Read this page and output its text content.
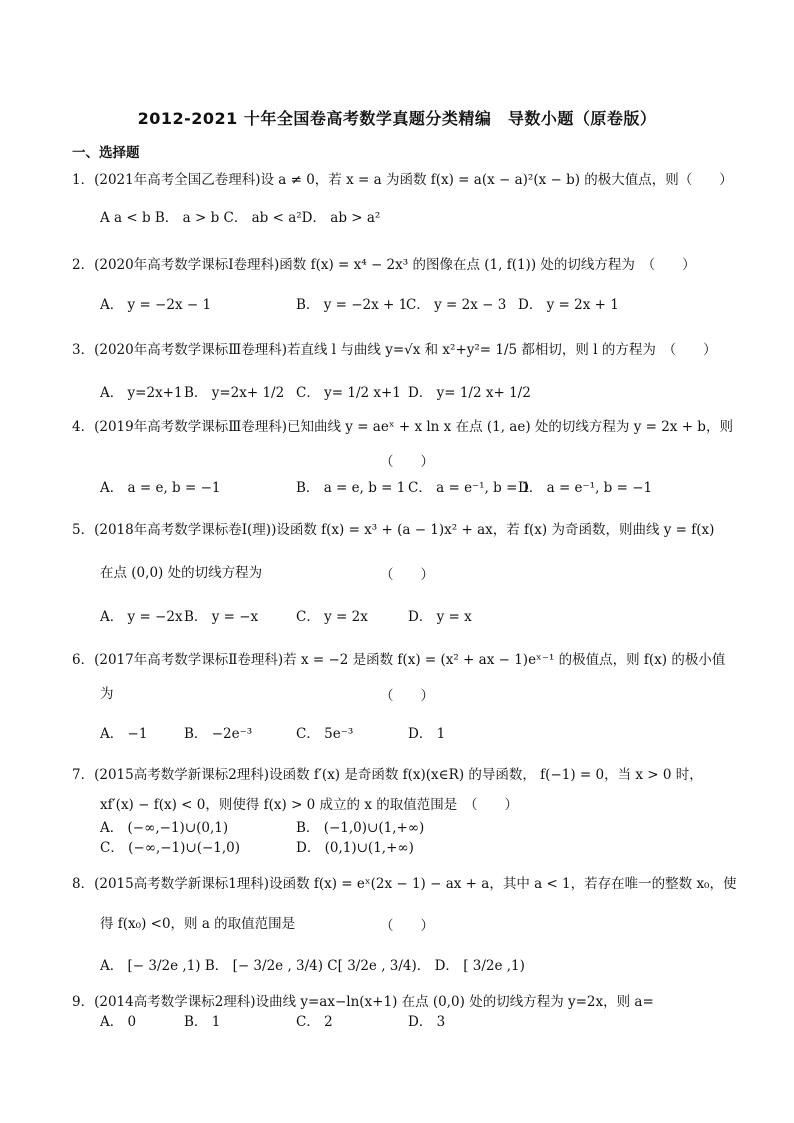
2012-2021 十年全国卷高考数学真题分类精编　导数小题（原卷版）
一、选择题
1．(2021年高考全国乙卷理科)设 a ≠ 0，若 x = a 为函数 f(x) = a(x − a)²(x − b) 的极大值点，则（　　）
A a < b B． a > b C． ab < a²D． ab > a²
2．(2020年高考数学课标Ⅰ卷理科)函数 f(x) = x⁴ − 2x³ 的图像在点 (1, f(1)) 处的切线方程为　（　　）
A． y = −2x − 1	B． y = −2x + 1
C． y = 2x − 3 D． y = 2x + 1
3．(2020年高考数学课标Ⅲ卷理科)若直线 l 与曲线 y=√x 和 x²+y²= 1/5 都相切，则 l 的方程为　（　　）
A． y=2x+1 B． y=2x+ 1/2 C． y= 1/2 x+1 D． y= 1/2 x+ 1/2
4．(2019年高考数学课标Ⅲ卷理科)已知曲线 y = aeˣ + x ln x 在点 (1, ae) 处的切线方程为 y = 2x + b，则
（　　）
A． a = e, b = −1	B． a = e, b = 1 C． a = e⁻¹, b = 1
D． a = e⁻¹, b = −1
5．(2018年高考数学课标卷Ⅰ(理))设函数 f(x) = x³ + (a − 1)x² + ax，若 f(x) 为奇函数，则曲线 y = f(x)
在点 (0,0) 处的切线方程为	（　　）
A． y = −2x B． y = −x	C． y = 2x	D． y = x
6．(2017年高考数学课标Ⅱ卷理科)若 x = −2 是函数 f(x) = (x² + ax − 1)eˣ⁻¹ 的极值点，则 f(x) 的极小值
为	（　　）
A． −1	B． −2e⁻³	C． 5e⁻³	D． 1
7．(2015高考数学新课标2理科)设函数 f′(x) 是奇函数 f(x)(x∈R) 的导函数， f(−1) = 0，当 x > 0 时，
xf′(x) − f(x) < 0，则使得 f(x) > 0 成立的 x 的取值范围是　（　　）
A． (−∞,−1)∪(0,1)	B． (−1,0)∪(1,+∞)
C． (−∞,−1)∪(−1,0)	D． (0,1)∪(1,+∞)
8．(2015高考数学新课标1理科)设函数 f(x) = eˣ(2x − 1) − ax + a，其中 a < 1，若存在唯一的整数 x₀，使
得 f(x₀) <0，则 a 的取值范围是	（　　）
A． [− 3/2e ,1) B． [− 3/2e , 3/4) C[ 3/2e , 3/4)． D． [ 3/2e ,1)
9．(2014高考数学课标2理科)设曲线 y=ax−ln(x+1) 在点 (0,0) 处的切线方程为 y=2x，则 a=
A． 0	B． 1	C． 2	D． 3
